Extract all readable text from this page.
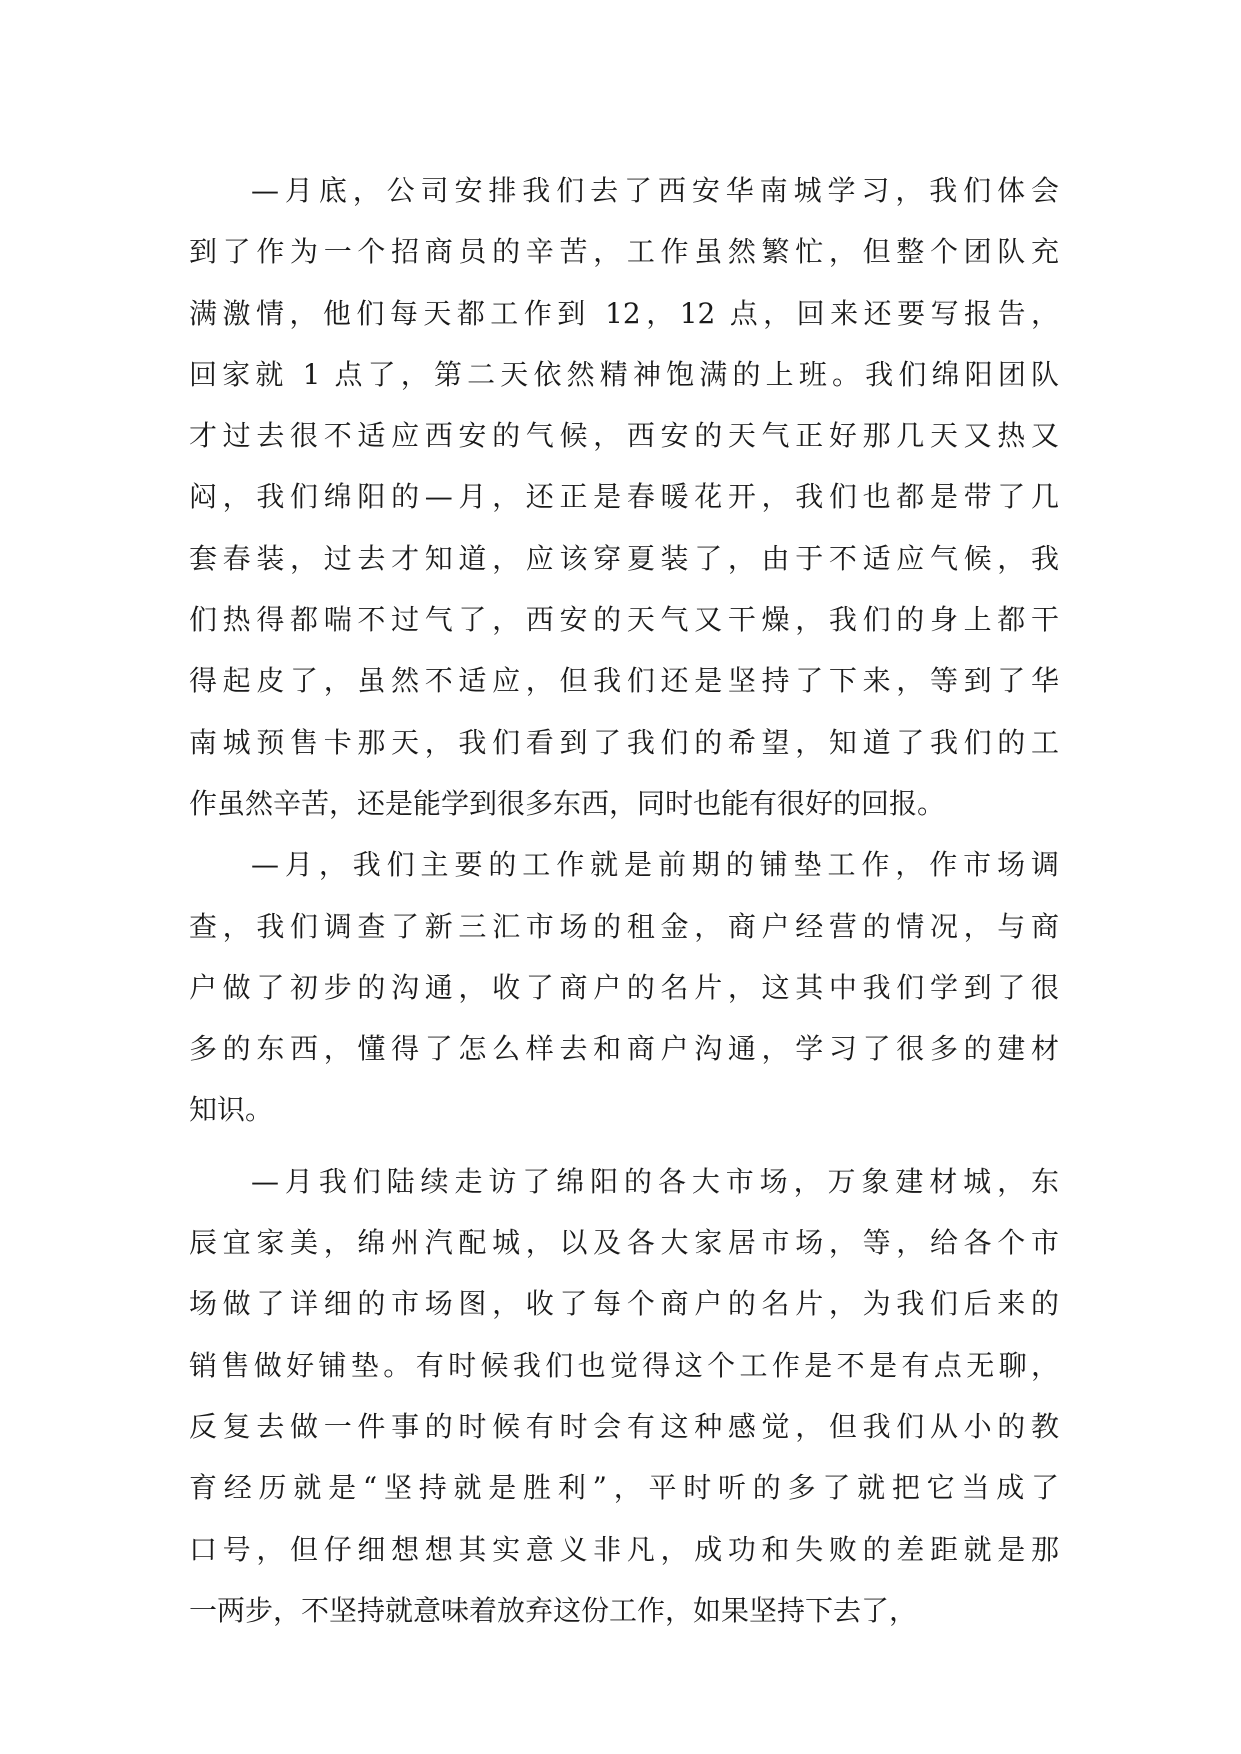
—月底，公司安排我们去了西安华南城学习，我们体会
到了作为一个招商员的辛苦，工作虽然繁忙，但整个团队充
满激情，他们每天都工作到 12，12 点，回来还要写报告，
回家就 1 点了，第二天依然精神饱满的上班。我们绵阳团队
才过去很不适应西安的气候，西安的天气正好那几天又热又
闷，我们绵阳的—月，还正是春暖花开，我们也都是带了几
套春装，过去才知道，应该穿夏装了，由于不适应气候，我
们热得都喘不过气了，西安的天气又干燥，我们的身上都干
得起皮了，虽然不适应，但我们还是坚持了下来，等到了华
南城预售卡那天，我们看到了我们的希望，知道了我们的工
作虽然辛苦，还是能学到很多东西，同时也能有很好的回报。
—月，我们主要的工作就是前期的铺垫工作，作市场调
查，我们调查了新三汇市场的租金，商户经营的情况，与商
户做了初步的沟通，收了商户的名片，这其中我们学到了很
多的东西，懂得了怎么样去和商户沟通，学习了很多的建材
知识。
—月我们陆续走访了绵阳的各大市场，万象建材城，东
辰宜家美，绵州汽配城，以及各大家居市场，等，给各个市
场做了详细的市场图，收了每个商户的名片，为我们后来的
销售做好铺垫。有时候我们也觉得这个工作是不是有点无聊，
反复去做一件事的时候有时会有这种感觉，但我们从小的教
育经历就是“坚持就是胜利”，平时听的多了就把它当成了
口号，但仔细想想其实意义非凡，成功和失败的差距就是那
一两步，不坚持就意味着放弃这份工作，如果坚持下去了，
